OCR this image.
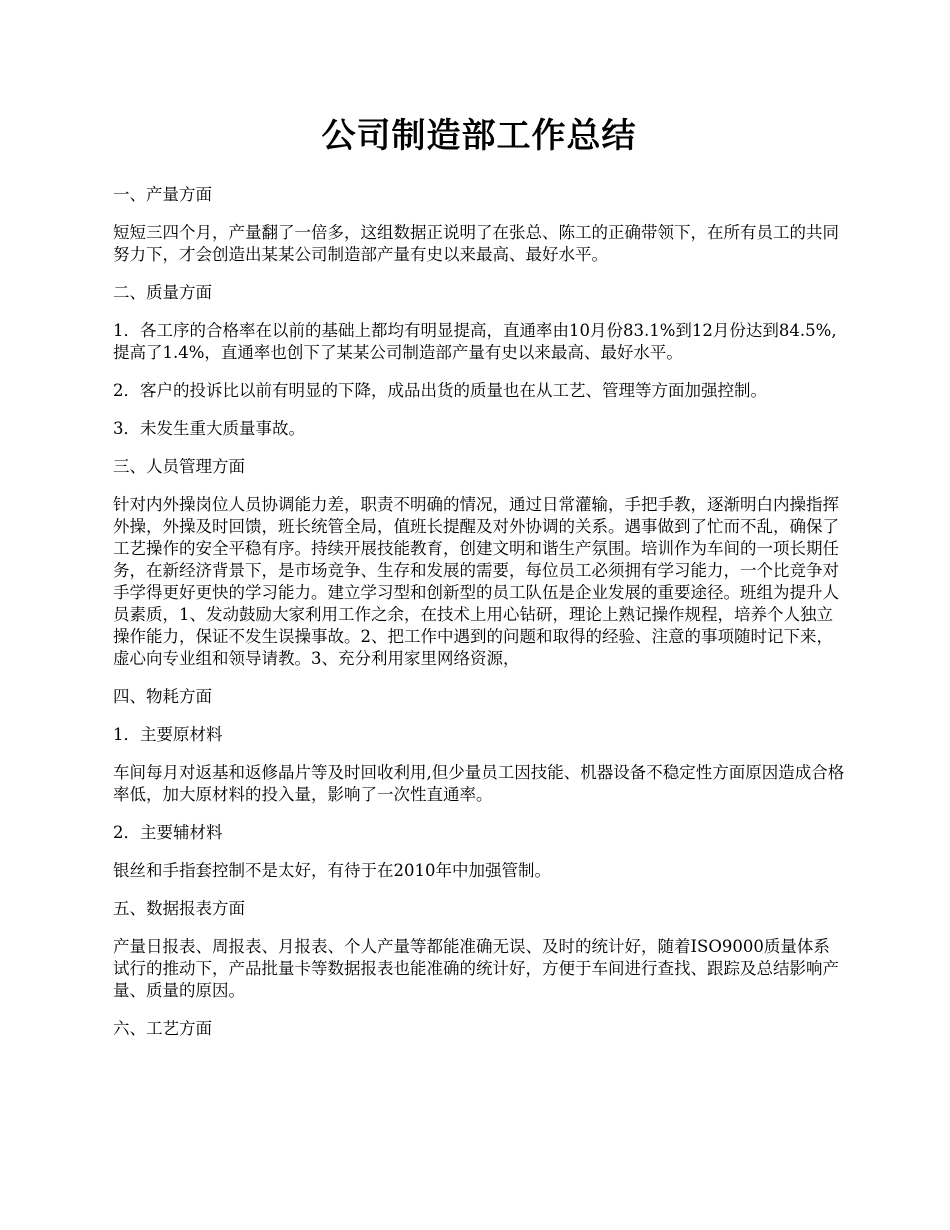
公司制造部工作总结

一、产量方面

短短三四个月，产量翻了一倍多，这组数据正说明了在张总、陈工的正确带领下，在所有员工的共同努力下，才会创造出某某公司制造部产量有史以来最高、最好水平。

二、质量方面

1．各工序的合格率在以前的基础上都均有明显提高，直通率由10月份83.1%到12月份达到84.5%,提高了1.4%，直通率也创下了某某公司制造部产量有史以来最高、最好水平。

2．客户的投诉比以前有明显的下降，成品出货的质量也在从工艺、管理等方面加强控制。

3．未发生重大质量事故。

三、人员管理方面

针对内外操岗位人员协调能力差，职责不明确的情况，通过日常灌输，手把手教，逐渐明白内操指挥外操，外操及时回馈，班长统管全局，值班长提醒及对外协调的关系。遇事做到了忙而不乱，确保了工艺操作的安全平稳有序。持续开展技能教育，创建文明和谐生产氛围。培训作为车间的一项长期任务，在新经济背景下，是市场竞争、生存和发展的需要，每位员工必须拥有学习能力，一个比竞争对手学得更好更快的学习能力。建立学习型和创新型的员工队伍是企业发展的重要途径。班组为提升人员素质，1、发动鼓励大家利用工作之余，在技术上用心钻研，理论上熟记操作规程，培养个人独立操作能力，保证不发生误操事故。2、把工作中遇到的问题和取得的经验、注意的事项随时记下来，虚心向专业组和领导请教。3、充分利用家里网络资源，

四、物耗方面

1．主要原材料

车间每月对返基和返修晶片等及时回收利用,但少量员工因技能、机器设备不稳定性方面原因造成合格率低，加大原材料的投入量，影响了一次性直通率。

2．主要辅材料

银丝和手指套控制不是太好，有待于在2010年中加强管制。

五、数据报表方面

产量日报表、周报表、月报表、个人产量等都能准确无误、及时的统计好，随着ISO9000质量体系试行的推动下，产品批量卡等数据报表也能准确的统计好，方便于车间进行查找、跟踪及总结影响产量、质量的原因。

六、工艺方面
